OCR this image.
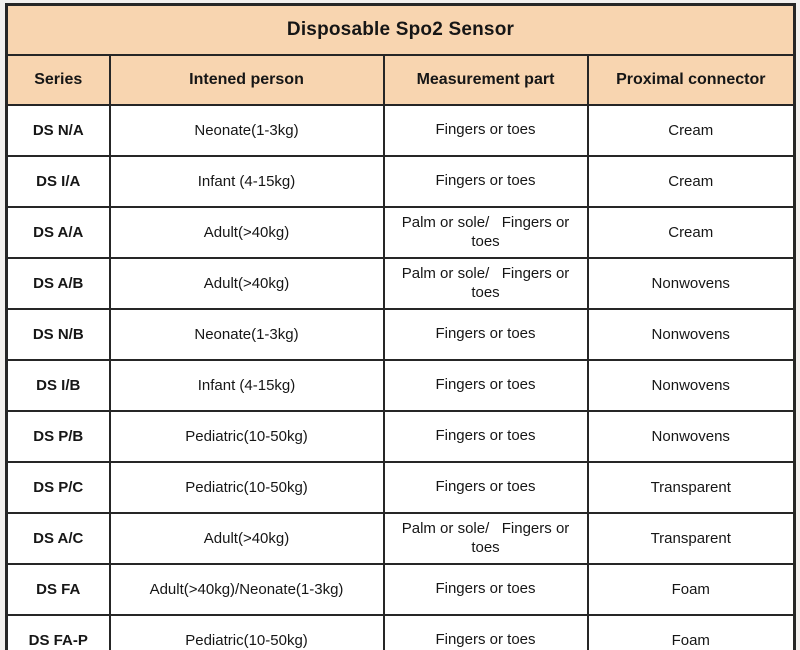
Disposable Spo2 Sensor			
Series	Intened person	Measurement part	Proximal connector
DS N/A	Neonate(1-3kg)	Fingers or toes	Cream
DS I/A	Infant (4-15kg)	Fingers or toes	Cream
DS A/A	Adult(>40kg)	Palm or sole/   Fingers or toes	Cream
DS A/B	Adult(>40kg)	Palm or sole/   Fingers or toes	Nonwovens
DS N/B	Neonate(1-3kg)	Fingers or toes	Nonwovens
DS I/B	Infant (4-15kg)	Fingers or toes	Nonwovens
DS P/B	Pediatric(10-50kg)	Fingers or toes	Nonwovens
DS P/C	Pediatric(10-50kg)	Fingers or toes	Transparent
DS A/C	Adult(>40kg)	Palm or sole/   Fingers or toes	Transparent
DS FA	Adult(>40kg)/Neonate(1-3kg)	Fingers or toes	Foam
DS FA-P	Pediatric(10-50kg)	Fingers or toes	Foam
